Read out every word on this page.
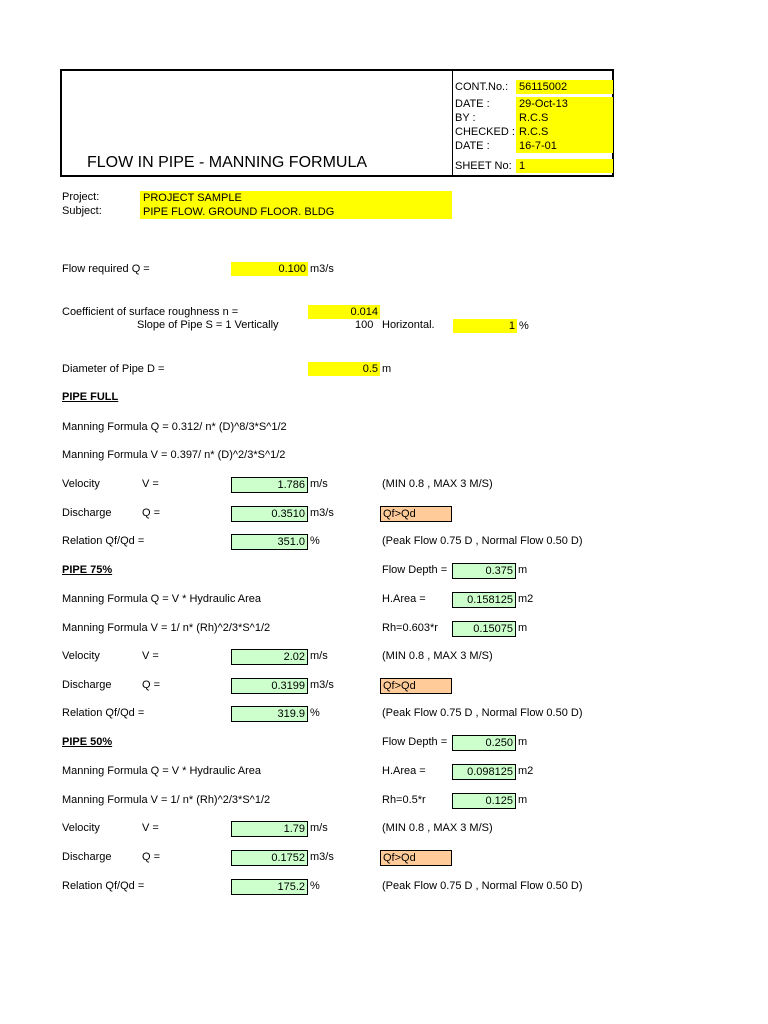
FLOW IN PIPE - MANNING FORMULA
CONT.No.: 56115002
DATE :	29-Oct-13
BY :	R.C.S
CHECKED : R.C.S
DATE :	16-7-01
SHEET No: 1
Project:	PROJECT SAMPLE
Subject:	PIPE FLOW. GROUND FLOOR. BLDG
Flow required Q =	0.100 m3/s
Coefficient of surface roughness n =	0.014
Slope of Pipe S = 1 Vertically	100 Horizontal.	1 %
Diameter of Pipe D =	0.5 m
PIPE FULL
Manning Formula Q = 0.312/ n* (D)^8/3*S^1/2
Manning Formula V = 0.397/ n* (D)^2/3*S^1/2
Velocity	V =	1.786 m/s	(MIN 0.8 , MAX 3 M/S)
Discharge	Q =	0.3510 m3/s	Qf>Qd
Relation Qf/Qd =	351.0 %	(Peak Flow 0.75 D , Normal Flow 0.50 D)
PIPE 75%	Flow Depth =	0.375 m
Manning Formula Q = V * Hydraulic Area	H.Area =	0.158125 m2
Manning Formula V = 1/ n* (Rh)^2/3*S^1/2	Rh=0.603*r	0.15075 m
Velocity	V =	2.02 m/s	(MIN 0.8 , MAX 3 M/S)
Discharge	Q =	0.3199 m3/s	Qf>Qd
Relation Qf/Qd =	319.9 %	(Peak Flow 0.75 D , Normal Flow 0.50 D)
PIPE 50%	Flow Depth =	0.250 m
Manning Formula Q = V * Hydraulic Area	H.Area =	0.098125 m2
Manning Formula V = 1/ n* (Rh)^2/3*S^1/2	Rh=0.5*r	0.125 m
Velocity	V =	1.79 m/s	(MIN 0.8 , MAX 3 M/S)
Discharge	Q =	0.1752 m3/s	Qf>Qd
Relation Qf/Qd =	175.2 %	(Peak Flow 0.75 D , Normal Flow 0.50 D)
